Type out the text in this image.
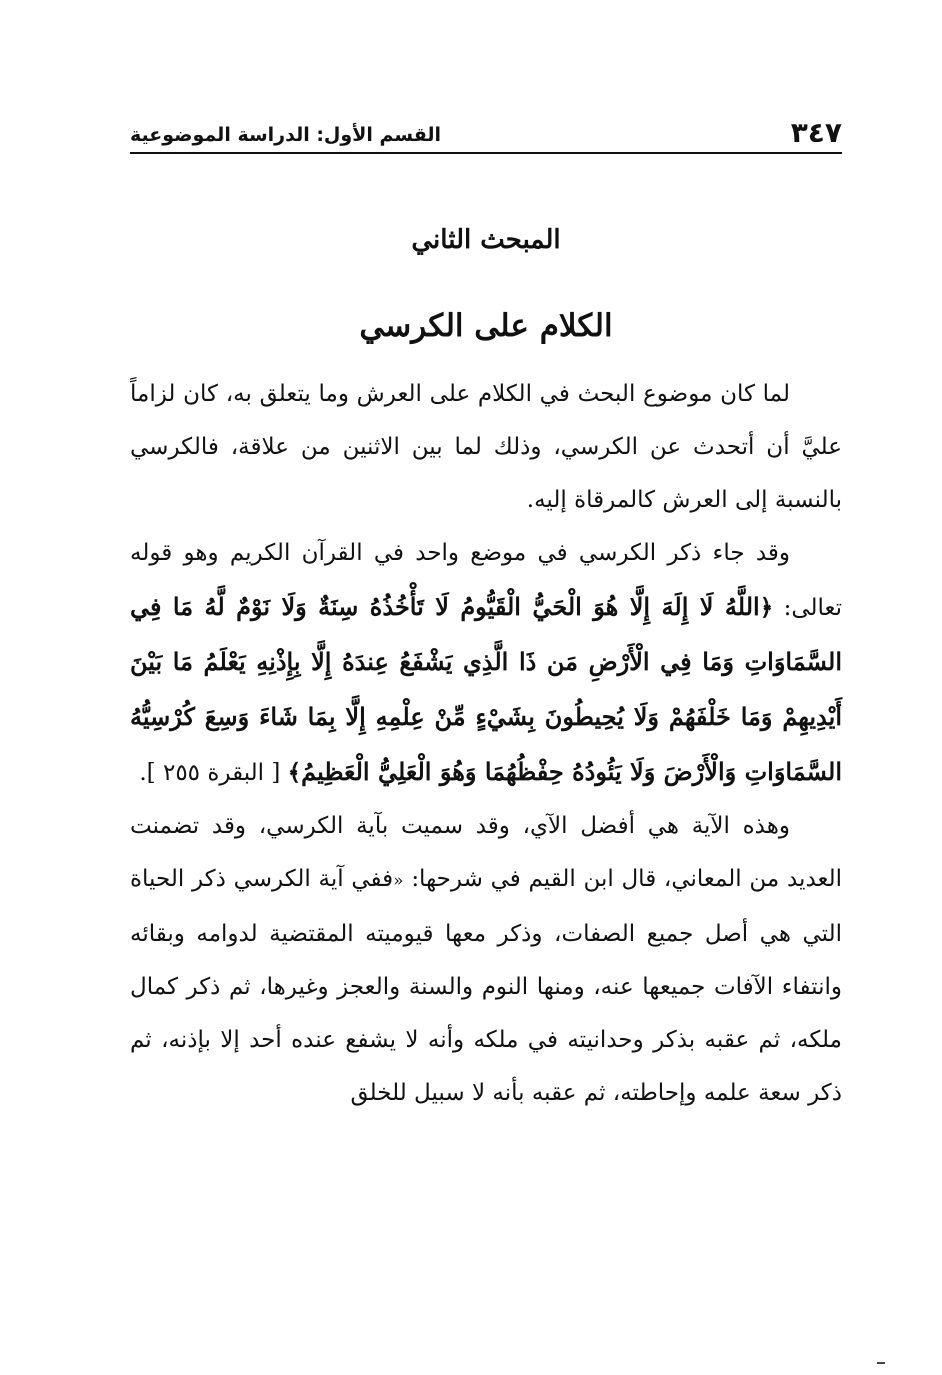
٣٤٧
القسم الأول: الدراسة الموضوعية
المبحث الثاني
الكلام على الكرسي

لما كان موضوع البحث في الكلام على العرش وما يتعلق به، كان لزاماً عليَّ أن أتحدث عن الكرسي، وذلك لما بين الاثنين من علاقة، فالكرسي بالنسبة إلى العرش كالمرقاة إليه.

وقد جاء ذكر الكرسي في موضع واحد في القرآن الكريم وهو قوله تعالى: ﴿اللَّهُ لَا إِلَهَ إِلَّا هُوَ الْحَيُّ الْقَيُّومُ لَا تَأْخُذُهُ سِنَةٌ وَلَا نَوْمٌ لَّهُ مَا فِي السَّمَاوَاتِ وَمَا فِي الْأَرْضِ مَن ذَا الَّذِي يَشْفَعُ عِندَهُ إِلَّا بِإِذْنِهِ يَعْلَمُ مَا بَيْنَ أَيْدِيهِمْ وَمَا خَلْفَهُمْ وَلَا يُحِيطُونَ بِشَيْءٍ مِّنْ عِلْمِهِ إِلَّا بِمَا شَاءَ وَسِعَ كُرْسِيُّهُ السَّمَاوَاتِ وَالْأَرْضَ وَلَا يَئُودُهُ حِفْظُهُمَا وَهُوَ الْعَلِيُّ الْعَظِيمُ﴾ [ البقرة ٢٥٥ ].

وهذه الآية هي أفضل الآي، وقد سميت بآية الكرسي، وقد تضمنت العديد من المعاني، قال ابن القيم في شرحها: «ففي آية الكرسي ذكر الحياة التي هي أصل جميع الصفات، وذكر معها قيوميته المقتضية لدوامه وبقائه وانتفاء الآفات جميعها عنه، ومنها النوم والسنة والعجز وغيرها، ثم ذكر كمال ملكه، ثم عقبه بذكر وحدانيته في ملكه وأنه لا يشفع عنده أحد إلا بإذنه، ثم ذكر سعة علمه وإحاطته، ثم عقبه بأنه لا سبيل للخلق
